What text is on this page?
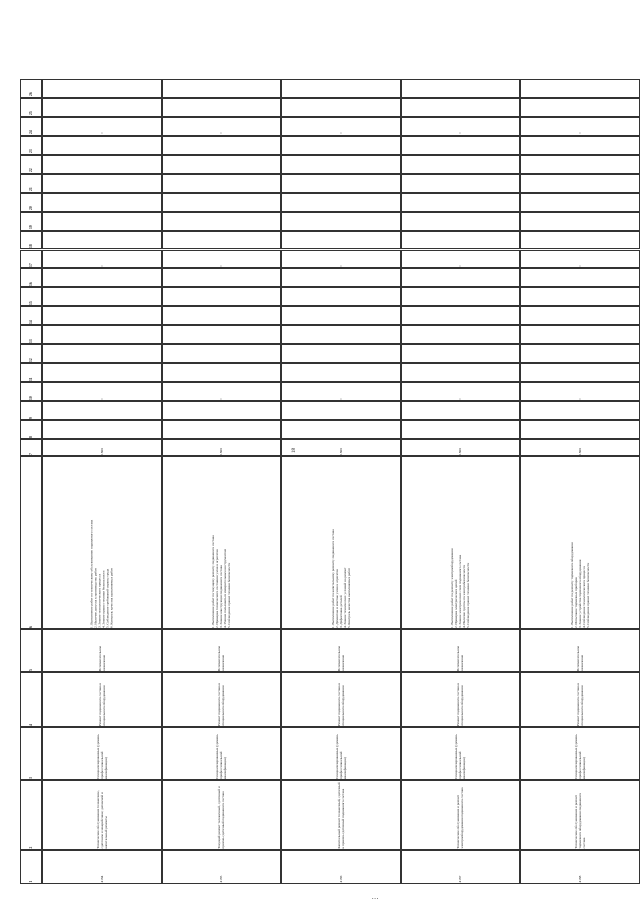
18
1
2
3
4
5
6
7
8
9
10
11
12
13
14
15
16
17
18
19
20
21
22
23
24
25
26
4184
Техническое обслуживание тележечное, сдаточное и межрейсовое; деповской и капитальный ремонты
Специализированные (уровень профессиональной квалификации)
Ремонт подвижного состава и специального оборудования
Вспомогательное назначение
1. Выполнение работ по техническому обслуживанию подвижного состава
2. Наличие допуска к производству работ
3. Знание технологического процесса
4. Знание правил техники безопасности
5. Соблюдение требований охраны труда
6. Контроль качества выполняемых работ
1800
×
×
×
4185
Текущий ремонт тележечный, сдаточный и приемо-сдаточный подвижного состава
Специализированные (уровень профессиональной квалификации)
Ремонт подвижного состава и специального оборудования
Вспомогательное назначение
1. Выполнение работ по текущему ремонту подвижного состава
2. Проверка технического состояния узлов и агрегатов
3. Знание конструкции подвижного состава
4. Умение пользоваться измерительным инструментом
5. Соблюдение правил техники безопасности
1800
×
×
×
4186
Капитальный ремонт тележечный, сдаточный и приемо-сдаточный подвижного состава
Специализированные (уровень профессиональной квалификации)
Ремонт подвижного состава и специального оборудования
Вспомогательное назначение
1. Выполнение работ по капитальному ремонту подвижного состава
2. Демонтаж и монтаж узлов и агрегатов
3. Дефектовка деталей
4. Знание технических условий на ремонт
5. Контроль качества выполняемых работ
1800
×
×
×
4187
Техническое обслуживание и ремонт электрооборудования подвижного состава
Специализированные (уровень профессиональной квалификации)
Ремонт подвижного состава и специального оборудования
Вспомогательное назначение
1. Выполнение работ по ремонту электрооборудования
2. Проверка электрических цепей
3. Знание электрических схем подвижного состава
4. Наличие группы по электробезопасности
5. Соблюдение правил техники безопасности
1800
×
×
×
4188
Техническое обслуживание и ремонт тормозного оборудования подвижного состава
Специализированные (уровень профессиональной квалификации)
Ремонт подвижного состава и специального оборудования
Вспомогательное назначение
1. Выполнение работ по ремонту тормозного оборудования
2. Испытание тормозных приборов
3. Знание устройства тормозного оборудования
4. Соблюдение технологического процесса
5. Соблюдение правил техники безопасности
1800
×
×
×
• • •
